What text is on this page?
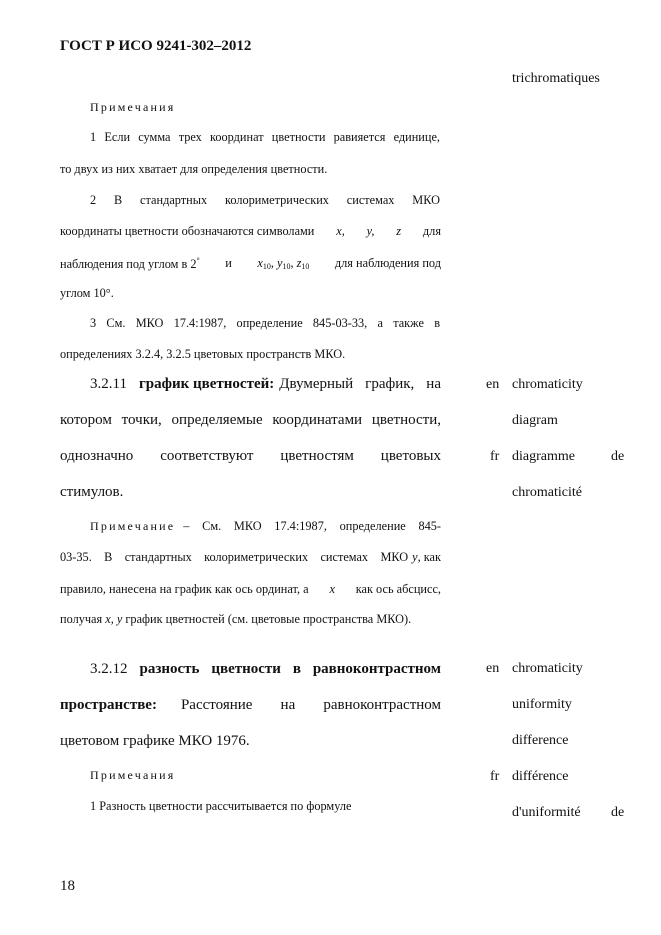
ГОСТ Р ИСО 9241-302–2012
trichromatiques
Примечания
1 Если сумма трех координат цветности равияется единице,
то двух из них хватает для определения цветности.
2 В стандартных колориметрических системах МКО
координаты цветности обозначаются символами x, y, z для
наблюдения под углом в 2° и $x_{10}$, $y_{10}$, $z_{10}$ для наблюдения под
углом 10°.
3 См. МКО 17.4:1987, определение 845-03-33, а также в
определениях 3.2.4, 3.2.5 цветовых пространств МКО.
3.2.11 график цветностей: Двумерный график, на
котором точки, определяемые координатами цветности,
однозначно соответствуют цветностям цветовых
стимулов.
Примечание – См. МКО 17.4:1987, определение 845-
03-35. В стандартных колориметрических системах МКО y , как
правило, нанесена на график как ось ординат, а x как ось абсцисс,
получая x, y график цветностей (см. цветовые пространства МКО).
en chromaticity
diagram
fr diagramme	de
chromaticité
3.2.12 разность цветности в равноконтрастном
пространстве: Расстояние на равноконтрастном
цветовом графике МКО 1976.
Примечания
1 Разность цветности рассчитывается по формуле
en chromaticity
uniformity
difference
fr différence
d'uniformité de
18
